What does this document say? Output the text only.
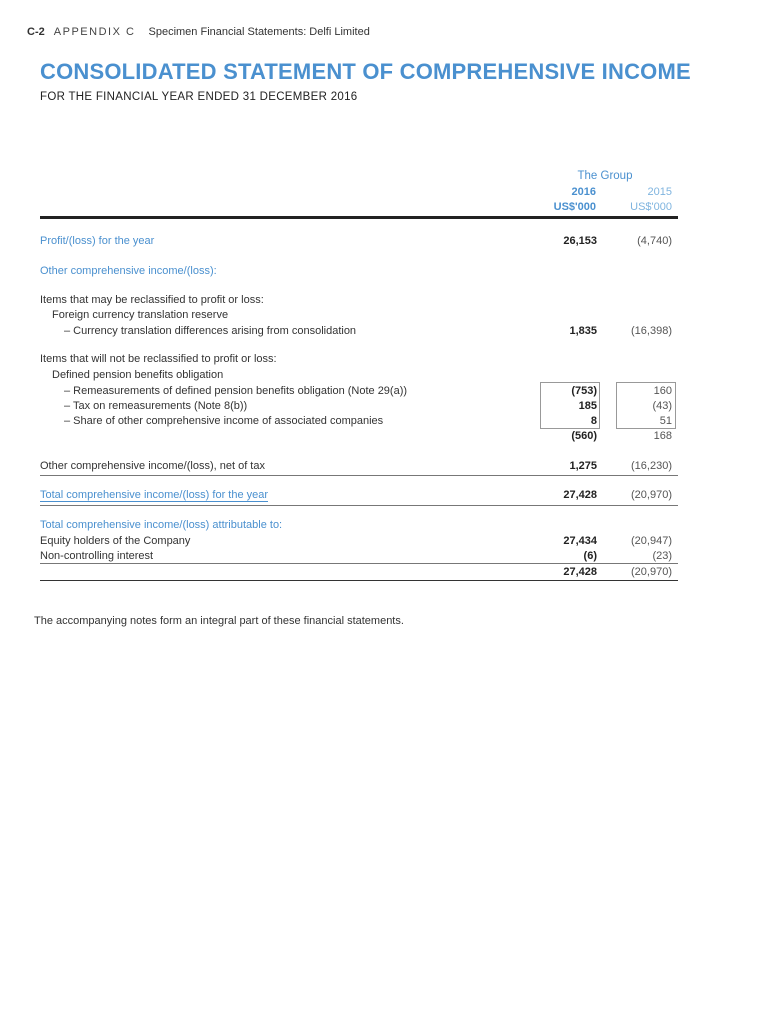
C-2 APPENDIX C Specimen Financial Statements: Delfi Limited
CONSOLIDATED STATEMENT OF COMPREHENSIVE INCOME
FOR THE FINANCIAL YEAR ENDED 31 DECEMBER 2016
The Group
2016	2015
US$'000	US$'000
Profit/(loss) for the year	26,153	(4,740)
Other comprehensive income/(loss):
Items that may be reclassified to profit or loss:
Foreign currency translation reserve
– Currency translation differences arising from consolidation	1,835	(16,398)
Items that will not be reclassified to profit or loss:
Defined pension benefits obligation
– Remeasurements of defined pension benefits obligation (Note 29(a))	(753)	160
– Tax on remeasurements (Note 8(b))	185	(43)
– Share of other comprehensive income of associated companies	8	51
(560)	168
Other comprehensive income/(loss), net of tax	1,275	(16,230)
Total comprehensive income/(loss) for the year	27,428	(20,970)
Total comprehensive income/(loss) attributable to:
Equity holders of the Company	27,434	(20,947)
Non-controlling interest	(6)	(23)
27,428	(20,970)
The accompanying notes form an integral part of these financial statements.
